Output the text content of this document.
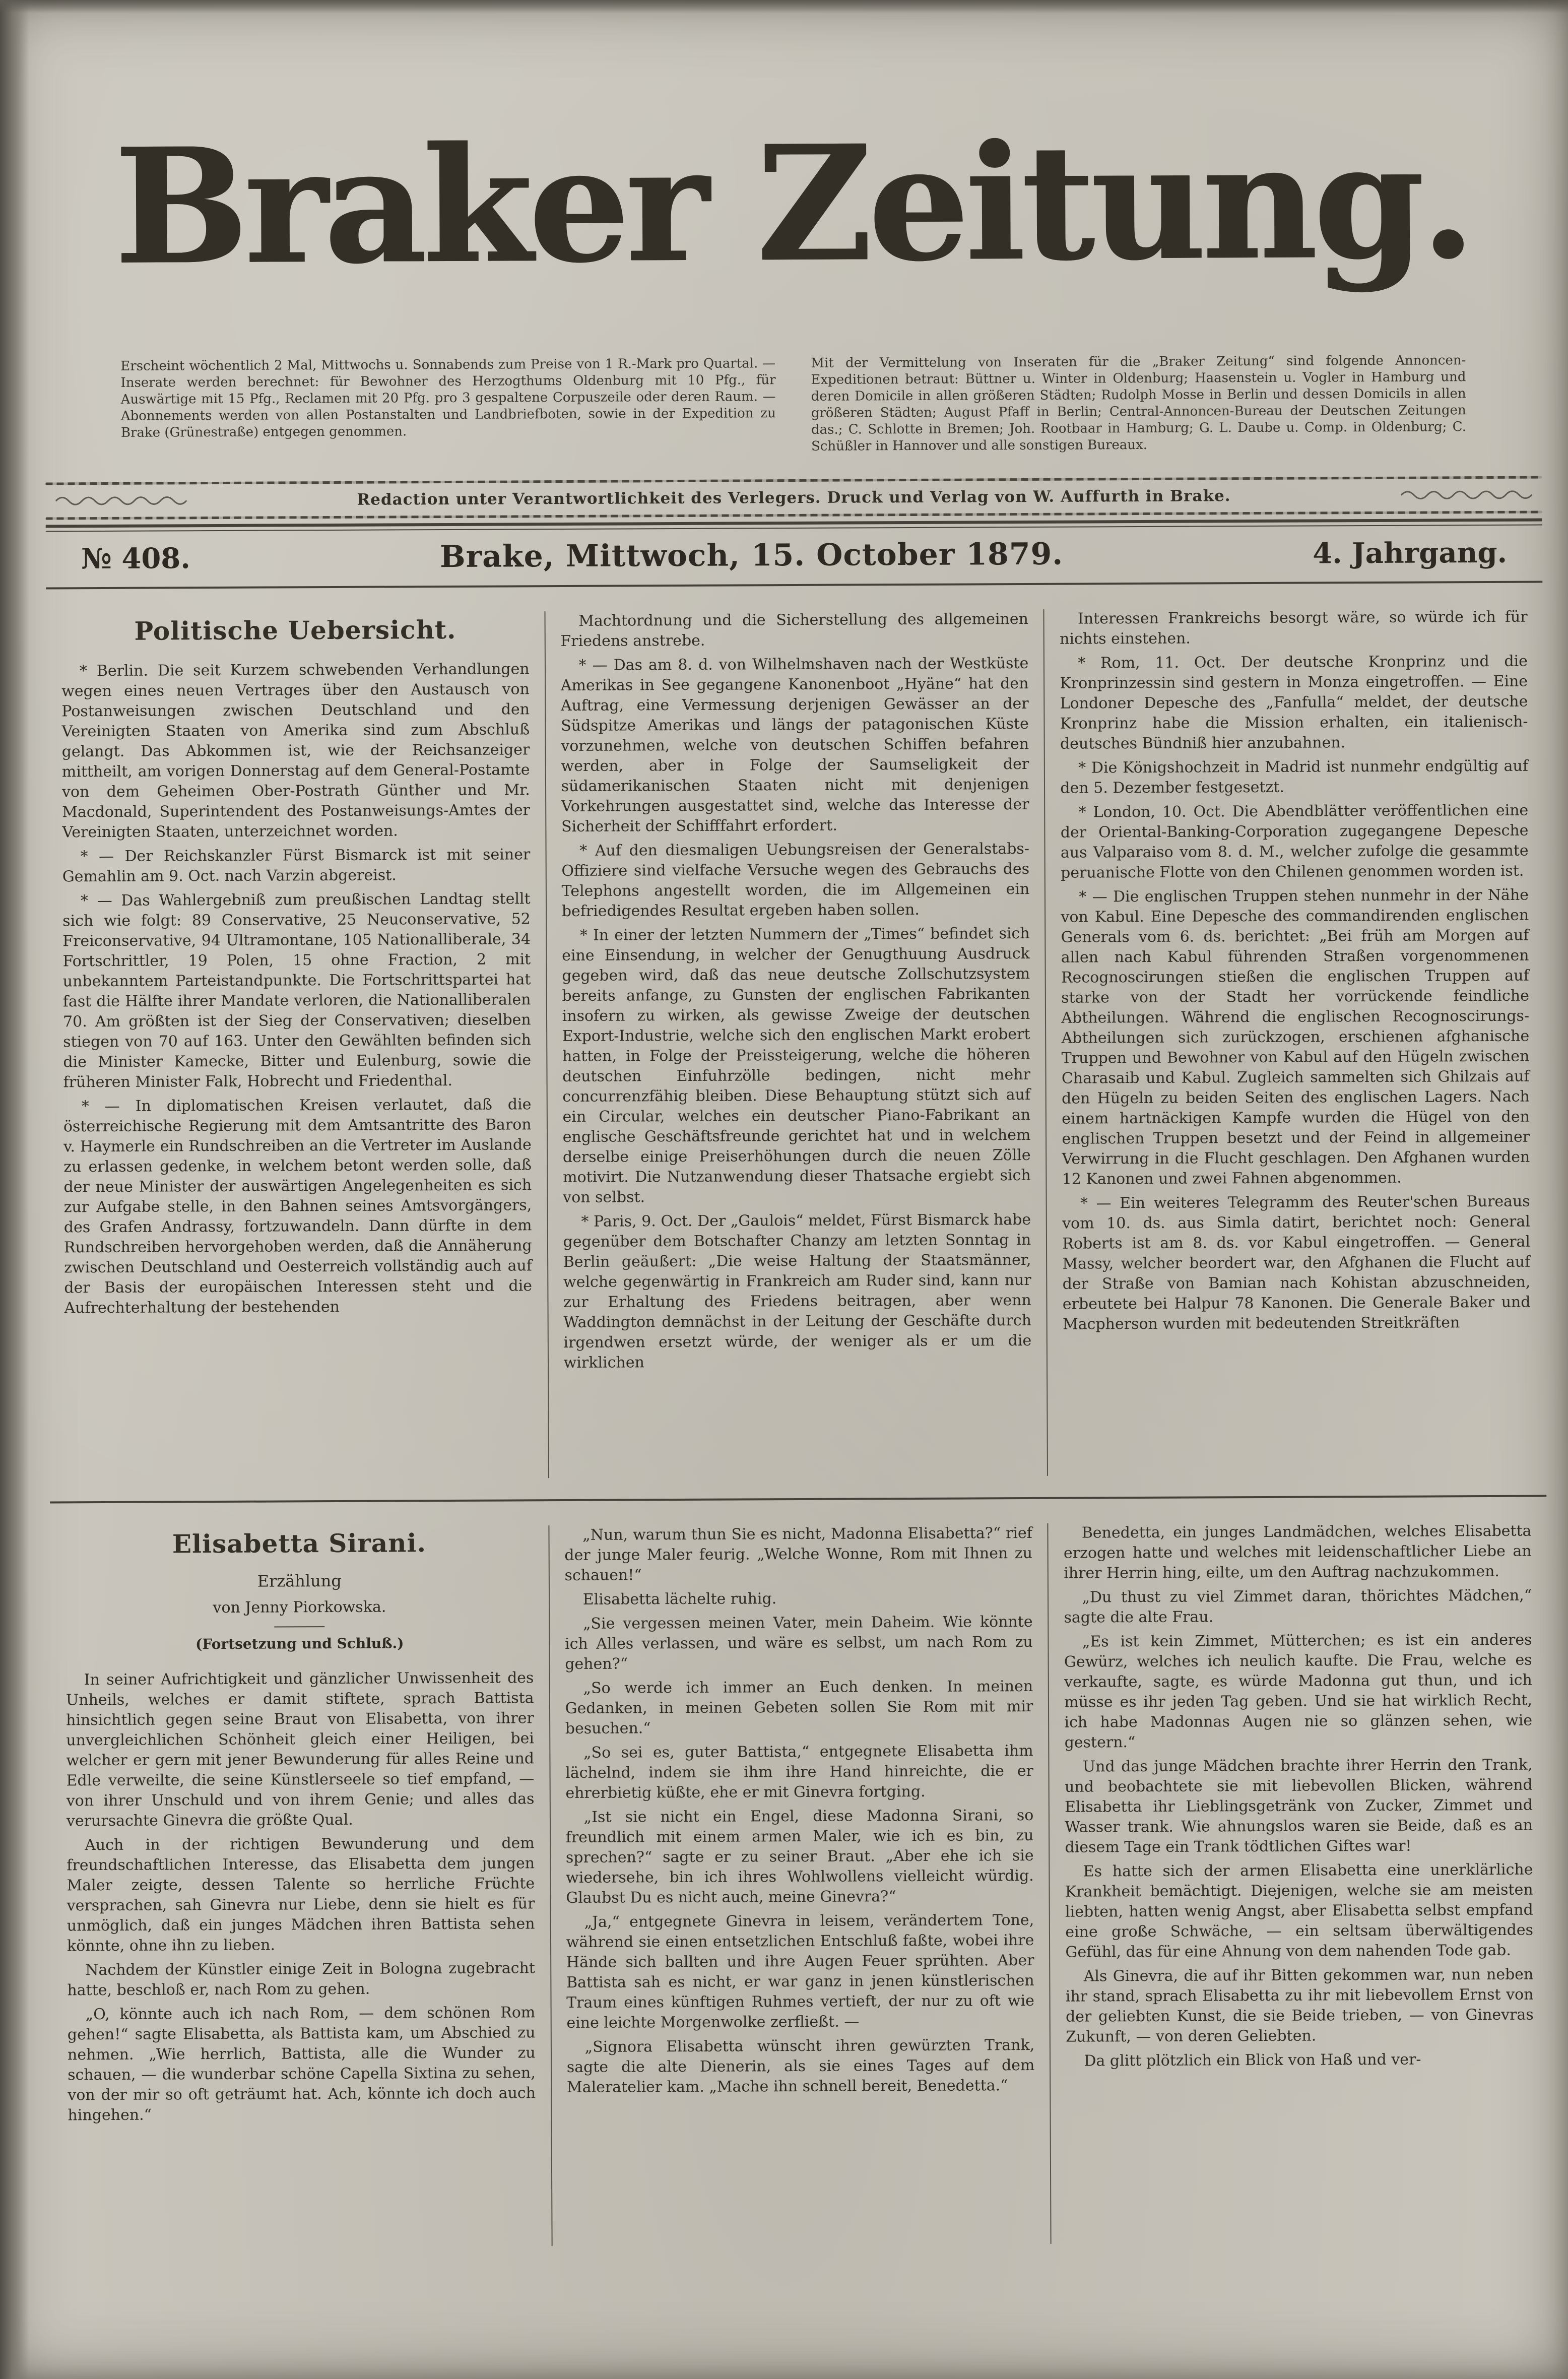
Braker Zeitung.
Erscheint wöchentlich 2 Mal, Mittwochs u. Sonnabends zum Preise von 1 R.-Mark pro Quartal. — Inserate werden berechnet: für Bewohner des Herzogthums Oldenburg mit 10 Pfg., für Auswärtige mit 15 Pfg., Reclamen mit 20 Pfg. pro 3 gespaltene Corpuszeile oder deren Raum. — Abonnements werden von allen Postanstalten und Landbriefboten, sowie in der Expedition zu Brake (Grünestraße) entgegen genommen.
Mit der Vermittelung von Inseraten für die „Braker Zeitung“ sind folgende Annoncen-Expeditionen betraut: Büttner u. Winter in Oldenburg; Haasenstein u. Vogler in Hamburg und deren Domicile in allen größeren Städten; Rudolph Mosse in Berlin und dessen Domicils in allen größeren Städten; August Pfaff in Berlin; Central-Annoncen-Bureau der Deutschen Zeitungen das.; C. Schlotte in Bremen; Joh. Rootbaar in Hamburg; G. L. Daube u. Comp. in Oldenburg; C. Schüßler in Hannover und alle sonstigen Bureaux.
Redaction unter Verantwortlichkeit des Verlegers. Druck und Verlag von W. Auffurth in Brake.
№ 408.	Brake, Mittwoch, 15. October 1879.	4. Jahrgang.
Politische Uebersicht.

* Berlin. Die seit Kurzem schwebenden Verhandlungen wegen eines neuen Vertrages über den Austausch von Postanweisungen zwischen Deutschland und den Vereinigten Staaten von Amerika sind zum Abschluß gelangt. Das Abkommen ist, wie der Reichsanzeiger mittheilt, am vorigen Donnerstag auf dem General-Postamte von dem Geheimen Ober-Postrath Günther und Mr. Macdonald, Superintendent des Postanweisungs-Amtes der Vereinigten Staaten, unterzeichnet worden.

* — Der Reichskanzler Fürst Bismarck ist mit seiner Gemahlin am 9. Oct. nach Varzin abgereist.

* — Das Wahlergebniß zum preußischen Landtag stellt sich wie folgt: 89 Conservative, 25 Neuconservative, 52 Freiconservative, 94 Ultramontane, 105 Nationalliberale, 34 Fortschrittler, 19 Polen, 15 ohne Fraction, 2 mit unbekanntem Parteistandpunkte. Die Fortschrittspartei hat fast die Hälfte ihrer Mandate verloren, die Nationalliberalen 70. Am größten ist der Sieg der Conservativen; dieselben stiegen von 70 auf 163. Unter den Gewählten befinden sich die Minister Kamecke, Bitter und Eulenburg, sowie die früheren Minister Falk, Hobrecht und Friedenthal.

* — In diplomatischen Kreisen verlautet, daß die österreichische Regierung mit dem Amtsantritte des Baron v. Haymerle ein Rundschreiben an die Vertreter im Auslande zu erlassen gedenke, in welchem betont werden solle, daß der neue Minister der auswärtigen Angelegenheiten es sich zur Aufgabe stelle, in den Bahnen seines Amtsvorgängers, des Grafen Andrassy, fortzuwandeln. Dann dürfte in dem Rundschreiben hervorgehoben werden, daß die Annäherung zwischen Deutschland und Oesterreich vollständig auch auf der Basis der europäischen Interessen steht und die Aufrechterhaltung der bestehenden

Machtordnung und die Sicherstellung des allgemeinen Friedens anstrebe.

* — Das am 8. d. von Wilhelmshaven nach der Westküste Amerikas in See gegangene Kanonenboot „Hyäne“ hat den Auftrag, eine Vermessung derjenigen Gewässer an der Südspitze Amerikas und längs der patagonischen Küste vorzunehmen, welche von deutschen Schiffen befahren werden, aber in Folge der Saumseligkeit der südamerikanischen Staaten nicht mit denjenigen Vorkehrungen ausgestattet sind, welche das Interesse der Sicherheit der Schifffahrt erfordert.

* Auf den diesmaligen Uebungsreisen der Generalstabs-Offiziere sind vielfache Versuche wegen des Gebrauchs des Telephons angestellt worden, die im Allgemeinen ein befriedigendes Resultat ergeben haben sollen.

* In einer der letzten Nummern der „Times“ befindet sich eine Einsendung, in welcher der Genugthuung Ausdruck gegeben wird, daß das neue deutsche Zollschutzsystem bereits anfange, zu Gunsten der englischen Fabrikanten insofern zu wirken, als gewisse Zweige der deutschen Export-Industrie, welche sich den englischen Markt erobert hatten, in Folge der Preissteigerung, welche die höheren deutschen Einfuhrzölle bedingen, nicht mehr concurrenzfähig bleiben. Diese Behauptung stützt sich auf ein Circular, welches ein deutscher Piano-Fabrikant an englische Geschäftsfreunde gerichtet hat und in welchem derselbe einige Preiserhöhungen durch die neuen Zölle motivirt. Die Nutzanwendung dieser Thatsache ergiebt sich von selbst.

* Paris, 9. Oct. Der „Gaulois“ meldet, Fürst Bismarck habe gegenüber dem Botschafter Chanzy am letzten Sonntag in Berlin geäußert: „Die weise Haltung der Staatsmänner, welche gegenwärtig in Frankreich am Ruder sind, kann nur zur Erhaltung des Friedens beitragen, aber wenn Waddington demnächst in der Leitung der Geschäfte durch irgendwen ersetzt würde, der weniger als er um die wirklichen

Interessen Frankreichs besorgt wäre, so würde ich für nichts einstehen.

* Rom, 11. Oct. Der deutsche Kronprinz und die Kronprinzessin sind gestern in Monza eingetroffen. — Eine Londoner Depesche des „Fanfulla“ meldet, der deutsche Kronprinz habe die Mission erhalten, ein italienisch-deutsches Bündniß hier anzubahnen.

* Die Königshochzeit in Madrid ist nunmehr endgültig auf den 5. Dezember festgesetzt.

* London, 10. Oct. Die Abendblätter veröffentlichen eine der Oriental-Banking-Corporation zugegangene Depesche aus Valparaiso vom 8. d. M., welcher zufolge die gesammte peruanische Flotte von den Chilenen genommen worden ist.

* — Die englischen Truppen stehen nunmehr in der Nähe von Kabul. Eine Depesche des commandirenden englischen Generals vom 6. ds. berichtet: „Bei früh am Morgen auf allen nach Kabul führenden Straßen vorgenommenen Recognoscirungen stießen die englischen Truppen auf starke von der Stadt her vorrückende feindliche Abtheilungen. Während die englischen Recognoscirungs-Abtheilungen sich zurückzogen, erschienen afghanische Truppen und Bewohner von Kabul auf den Hügeln zwischen Charasaib und Kabul. Zugleich sammelten sich Ghilzais auf den Hügeln zu beiden Seiten des englischen Lagers. Nach einem hartnäckigen Kampfe wurden die Hügel von den englischen Truppen besetzt und der Feind in allgemeiner Verwirrung in die Flucht geschlagen. Den Afghanen wurden 12 Kanonen und zwei Fahnen abgenommen.

* — Ein weiteres Telegramm des Reuter'schen Bureaus vom 10. ds. aus Simla datirt, berichtet noch: General Roberts ist am 8. ds. vor Kabul eingetroffen. — General Massy, welcher beordert war, den Afghanen die Flucht auf der Straße von Bamian nach Kohistan abzuschneiden, erbeutete bei Halpur 78 Kanonen. Die Generale Baker und Macpherson wurden mit bedeutenden Streitkräften

Elisabetta Sirani.
Erzählung
von Jenny Piorkowska.
(Fortsetzung und Schluß.)

In seiner Aufrichtigkeit und gänzlicher Unwissenheit des Unheils, welches er damit stiftete, sprach Battista hinsichtlich gegen seine Braut von Elisabetta, von ihrer unvergleichlichen Schönheit gleich einer Heiligen, bei welcher er gern mit jener Bewunderung für alles Reine und Edle verweilte, die seine Künstlerseele so tief empfand, — von ihrer Unschuld und von ihrem Genie; und alles das verursachte Ginevra die größte Qual.

Auch in der richtigen Bewunderung und dem freundschaftlichen Interesse, das Elisabetta dem jungen Maler zeigte, dessen Talente so herrliche Früchte versprachen, sah Ginevra nur Liebe, denn sie hielt es für unmöglich, daß ein junges Mädchen ihren Battista sehen könnte, ohne ihn zu lieben.

Nachdem der Künstler einige Zeit in Bologna zugebracht hatte, beschloß er, nach Rom zu gehen.

„O, könnte auch ich nach Rom, — dem schönen Rom gehen!“ sagte Elisabetta, als Battista kam, um Abschied zu nehmen. „Wie herrlich, Battista, alle die Wunder zu schauen, — die wunderbar schöne Capella Sixtina zu sehen, von der mir so oft geträumt hat. Ach, könnte ich doch auch hingehen.“

„Nun, warum thun Sie es nicht, Madonna Elisabetta?“ rief der junge Maler feurig. „Welche Wonne, Rom mit Ihnen zu schauen!“

Elisabetta lächelte ruhig.

„Sie vergessen meinen Vater, mein Daheim. Wie könnte ich Alles verlassen, und wäre es selbst, um nach Rom zu gehen?“

„So werde ich immer an Euch denken. In meinen Gedanken, in meinen Gebeten sollen Sie Rom mit mir besuchen.“

„So sei es, guter Battista,“ entgegnete Elisabetta ihm lächelnd, indem sie ihm ihre Hand hinreichte, die er ehrerbietig küßte, ehe er mit Ginevra fortging.

„Ist sie nicht ein Engel, diese Madonna Sirani, so freundlich mit einem armen Maler, wie ich es bin, zu sprechen?“ sagte er zu seiner Braut. „Aber ehe ich sie wiedersehe, bin ich ihres Wohlwollens vielleicht würdig. Glaubst Du es nicht auch, meine Ginevra?“

„Ja,“ entgegnete Ginevra in leisem, verändertem Tone, während sie einen entsetzlichen Entschluß faßte, wobei ihre Hände sich ballten und ihre Augen Feuer sprühten. Aber Battista sah es nicht, er war ganz in jenen künstlerischen Traum eines künftigen Ruhmes vertieft, der nur zu oft wie eine leichte Morgenwolke zerfließt. —

„Signora Elisabetta wünscht ihren gewürzten Trank, sagte die alte Dienerin, als sie eines Tages auf dem Maleratelier kam. „Mache ihn schnell bereit, Benedetta.“

Benedetta, ein junges Landmädchen, welches Elisabetta erzogen hatte und welches mit leidenschaftlicher Liebe an ihrer Herrin hing, eilte, um den Auftrag nachzukommen.

„Du thust zu viel Zimmet daran, thörichtes Mädchen,“ sagte die alte Frau.

„Es ist kein Zimmet, Mütterchen; es ist ein anderes Gewürz, welches ich neulich kaufte. Die Frau, welche es verkaufte, sagte, es würde Madonna gut thun, und ich müsse es ihr jeden Tag geben. Und sie hat wirklich Recht, ich habe Madonnas Augen nie so glänzen sehen, wie gestern.“

Und das junge Mädchen brachte ihrer Herrin den Trank, und beobachtete sie mit liebevollen Blicken, während Elisabetta ihr Lieblingsgetränk von Zucker, Zimmet und Wasser trank. Wie ahnungslos waren sie Beide, daß es an diesem Tage ein Trank tödtlichen Giftes war!

Es hatte sich der armen Elisabetta eine unerklärliche Krankheit bemächtigt. Diejenigen, welche sie am meisten liebten, hatten wenig Angst, aber Elisabetta selbst empfand eine große Schwäche, — ein seltsam überwältigendes Gefühl, das für eine Ahnung von dem nahenden Tode gab.

Als Ginevra, die auf ihr Bitten gekommen war, nun neben ihr stand, sprach Elisabetta zu ihr mit liebevollem Ernst von der geliebten Kunst, die sie Beide trieben, — von Ginevras Zukunft, — von deren Geliebten.

Da glitt plötzlich ein Blick von Haß und ver-
